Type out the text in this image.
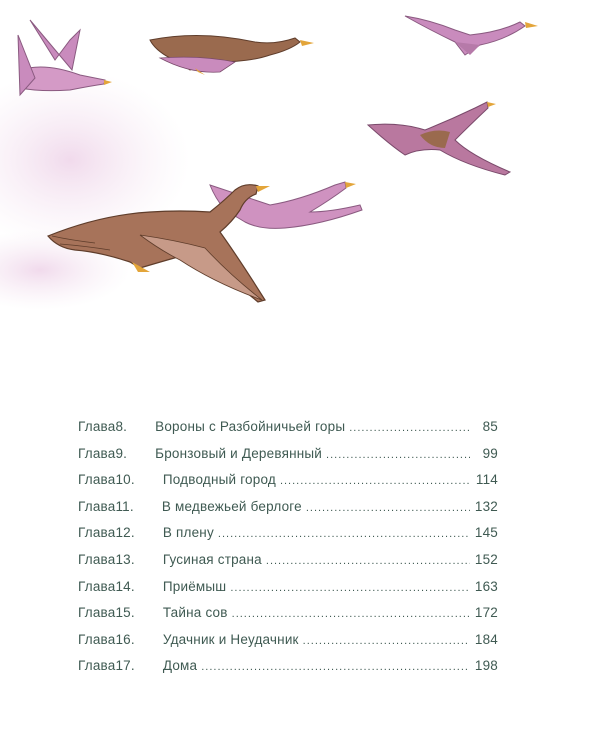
Глава 8. Вороны с Разбойничьей горы .....	85
Глава 9. Бронзовый и Деревянный .....	99
Глава 10. Подводный город .....	114
Глава 11. В медвежьей берлоге .....	132
Глава 12. В плену .....	145
Глава 13. Гусиная страна .....	152
Глава 14. Приёмыш .....	163
Глава 15. Тайна сов .....	172
Глава 16. Удачник и Неудачник .....	184
Глава 17. Дома .....	198
